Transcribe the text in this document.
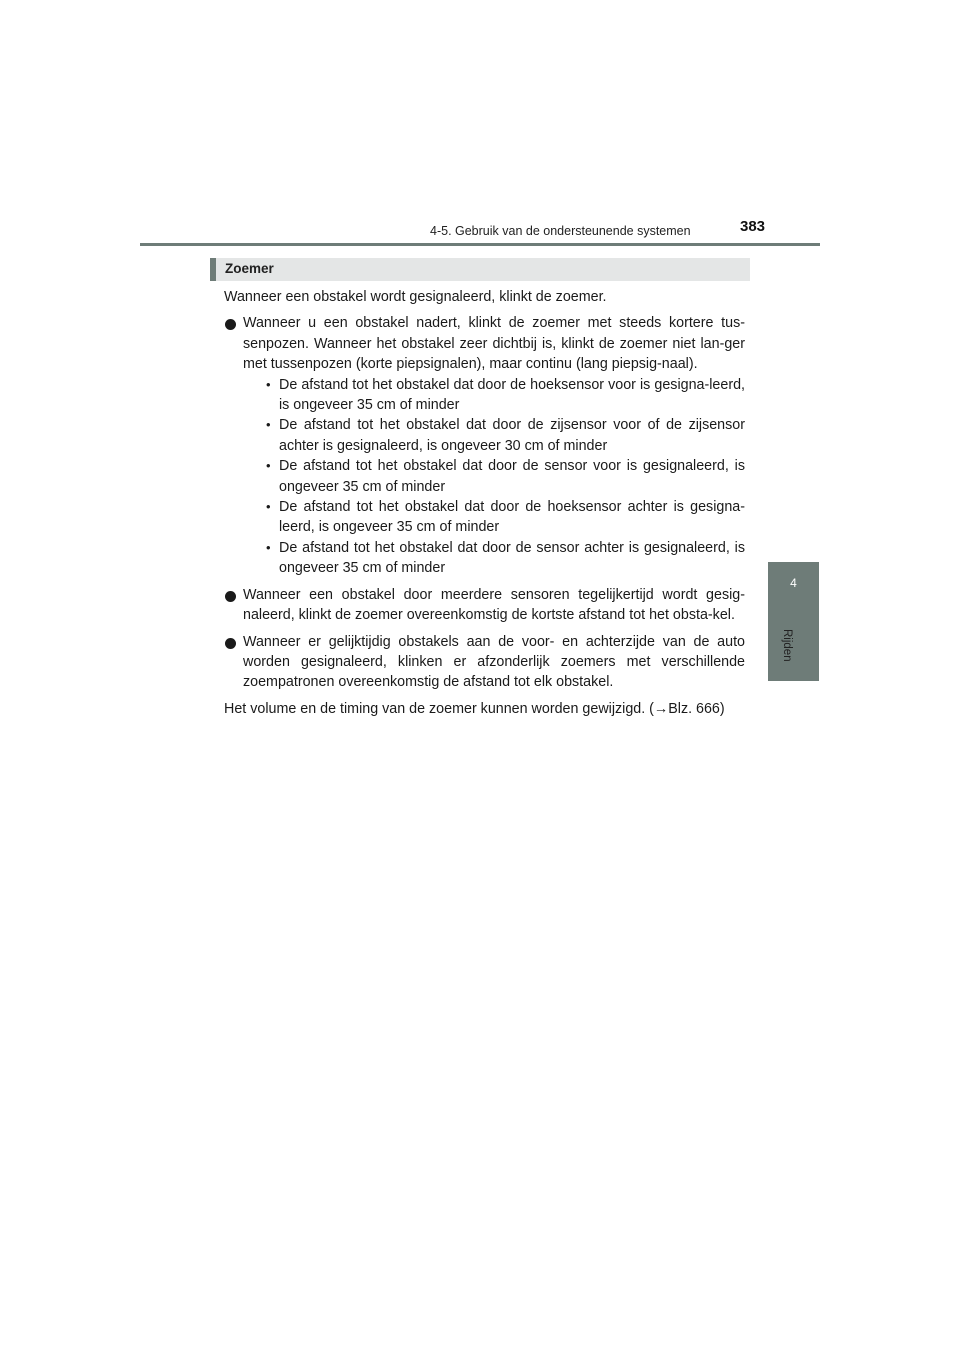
4-5. Gebruik van de ondersteunende systemen	383
4
Rijden
Zoemer

Wanneer een obstakel wordt gesignaleerd, klinkt de zoemer.

Wanneer u een obstakel nadert, klinkt de zoemer met steeds kortere tus-senpozen. Wanneer het obstakel zeer dichtbij is, klinkt de zoemer niet lan-ger met tussenpozen (korte piepsignalen), maar continu (lang piepsig-naal).

• De afstand tot het obstakel dat door de hoeksensor voor is gesigna-leerd, is ongeveer 35 cm of minder
• De afstand tot het obstakel dat door de zijsensor voor of de zijsensor achter is gesignaleerd, is ongeveer 30 cm of minder
• De afstand tot het obstakel dat door de sensor voor is gesignaleerd, is ongeveer 35 cm of minder
• De afstand tot het obstakel dat door de hoeksensor achter is gesigna-leerd, is ongeveer 35 cm of minder
• De afstand tot het obstakel dat door de sensor achter is gesignaleerd, is ongeveer 35 cm of minder

Wanneer een obstakel door meerdere sensoren tegelijkertijd wordt gesig-naleerd, klinkt de zoemer overeenkomstig de kortste afstand tot het obsta-kel.

Wanneer er gelijktijdig obstakels aan de voor- en achterzijde van de auto worden gesignaleerd, klinken er afzonderlijk zoemers met verschillende zoempatronen overeenkomstig de afstand tot elk obstakel.

Het volume en de timing van de zoemer kunnen worden gewijzigd. (→Blz. 666)
